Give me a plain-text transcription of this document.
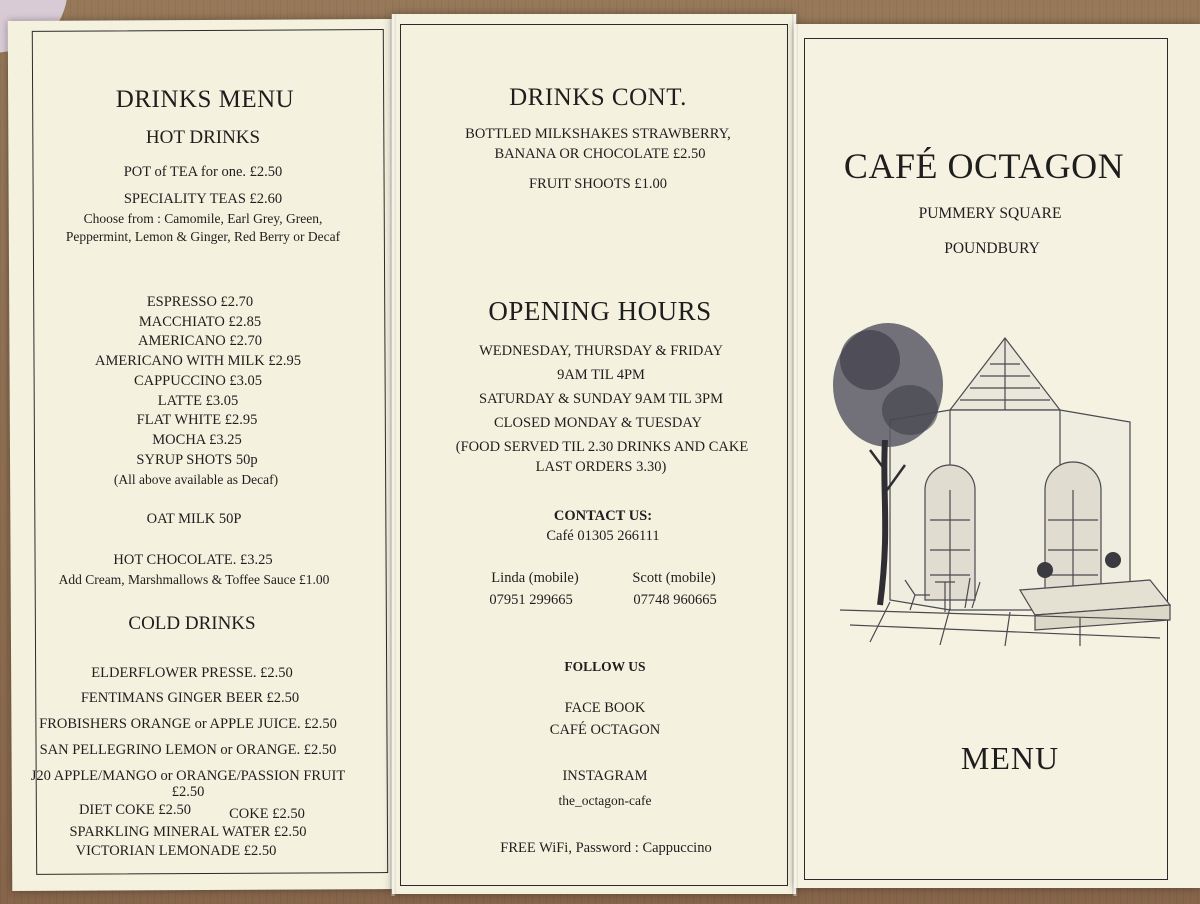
DRINKS MENU
HOT DRINKS
POT of TEA for one. £2.50
SPECIALITY TEAS £2.60
Choose from : Camomile, Earl Grey, Green,
Peppermint, Lemon & Ginger, Red Berry or Decaf
ESPRESSO £2.70
MACCHIATO £2.85
AMERICANO £2.70
AMERICANO WITH MILK £2.95
CAPPUCCINO £3.05
LATTE £3.05
FLAT WHITE £2.95
MOCHA £3.25
SYRUP SHOTS 50p
(All above available as Decaf)
OAT MILK 50P
HOT CHOCOLATE. £3.25
Add Cream, Marshmallows & Toffee Sauce £1.00
COLD DRINKS
ELDERFLOWER PRESSE. £2.50
FENTIMANS GINGER BEER £2.50
FROBISHERS ORANGE or APPLE JUICE. £2.50
SAN PELLEGRINO LEMON or ORANGE. £2.50
J20 APPLE/MANGO or ORANGE/PASSION FRUIT
£2.50
DIET COKE £2.50	COKE £2.50
SPARKLING MINERAL WATER £2.50
VICTORIAN LEMONADE £2.50
DRINKS CONT.
BOTTLED MILKSHAKES STRAWBERRY,
BANANA OR CHOCOLATE £2.50
FRUIT SHOOTS £1.00
OPENING HOURS
WEDNESDAY, THURSDAY & FRIDAY
9AM TIL 4PM
SATURDAY & SUNDAY 9AM TIL 3PM
CLOSED MONDAY & TUESDAY
(FOOD SERVED TIL 2.30 DRINKS AND CAKE
LAST ORDERS 3.30)
CONTACT US:
Café 01305 266111
Linda (mobile)
07951 299665
Scott (mobile)
07748 960665
FOLLOW US
FACE BOOK
CAFÉ OCTAGON
INSTAGRAM
the_octagon-cafe
FREE WiFi, Password : Cappuccino
CAFÉ OCTAGON
PUMMERY SQUARE
POUNDBURY
MENU
